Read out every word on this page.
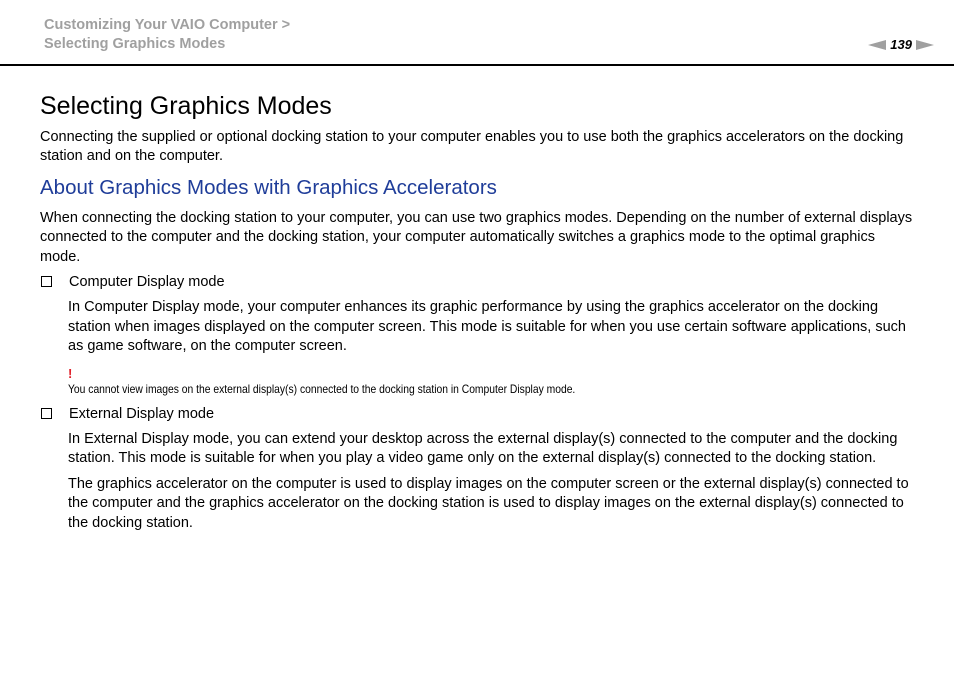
Customizing Your VAIO Computer >
Selecting Graphics Modes	139
Selecting Graphics Modes

Connecting the supplied or optional docking station to your computer enables you to use both the graphics accelerators on the docking station and on the computer.

About Graphics Modes with Graphics Accelerators

When connecting the docking station to your computer, you can use two graphics modes. Depending on the number of external displays connected to the computer and the docking station, your computer automatically switches a graphics mode to the optimal graphics mode.

Computer Display mode

In Computer Display mode, your computer enhances its graphic performance by using the graphics accelerator on the docking station when images displayed on the computer screen. This mode is suitable for when you use certain software applications, such as game software, on the computer screen.

!
You cannot view images on the external display(s) connected to the docking station in Computer Display mode.
External Display mode

In External Display mode, you can extend your desktop across the external display(s) connected to the computer and the docking station. This mode is suitable for when you play a video game only on the external display(s) connected to the docking station.

The graphics accelerator on the computer is used to display images on the computer screen or the external display(s) connected to the computer and the graphics accelerator on the docking station is used to display images on the external display(s) connected to the docking station.
